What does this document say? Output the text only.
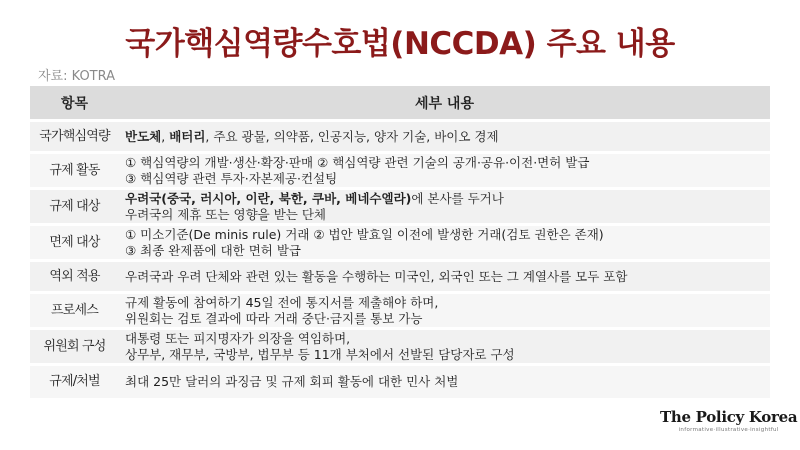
국가핵심역량수호법(NCCDA) 주요 내용
자료: KOTRA
항목	세부 내용
국가핵심역량	반도체, 배터리, 주요 광물, 의약품, 인공지능, 양자 기술, 바이오 경제

규제 활동	① 핵심역량의 개발·생산·확장·판매 ② 핵심역량 관련 기술의 공개·공유·이전·면허 발급
③ 핵심역량 관련 투자·자본제공·컨설팅

규제 대상	우려국(중국, 러시아, 이란, 북한, 쿠바, 베네수엘라)에 본사를 두거나
우려국의 제휴 또는 영향을 받는 단체

면제 대상	① 미소기준(De minis rule) 거래 ② 법안 발효일 이전에 발생한 거래(검토 권한은 존재)
③ 최종 완제품에 대한 면허 발급

역외 적용	우려국과 우려 단체와 관련 있는 활동을 수행하는 미국인, 외국인 또는 그 계열사를 모두 포함

프로세스	규제 활동에 참여하기 45일 전에 통지서를 제출해야 하며,
위원회는 검토 결과에 따라 거래 중단·금지를 통보 가능

위원회 구성	대통령 또는 피지명자가 의장을 역임하며,
상무부, 재무부, 국방부, 법무부 등 11개 부처에서 선발된 담당자로 구성

규제/처벌	최대 25만 달러의 과징금 및 규제 회피 활동에 대한 민사 처벌
The Policy Korea
informative·illustrative·insightful
